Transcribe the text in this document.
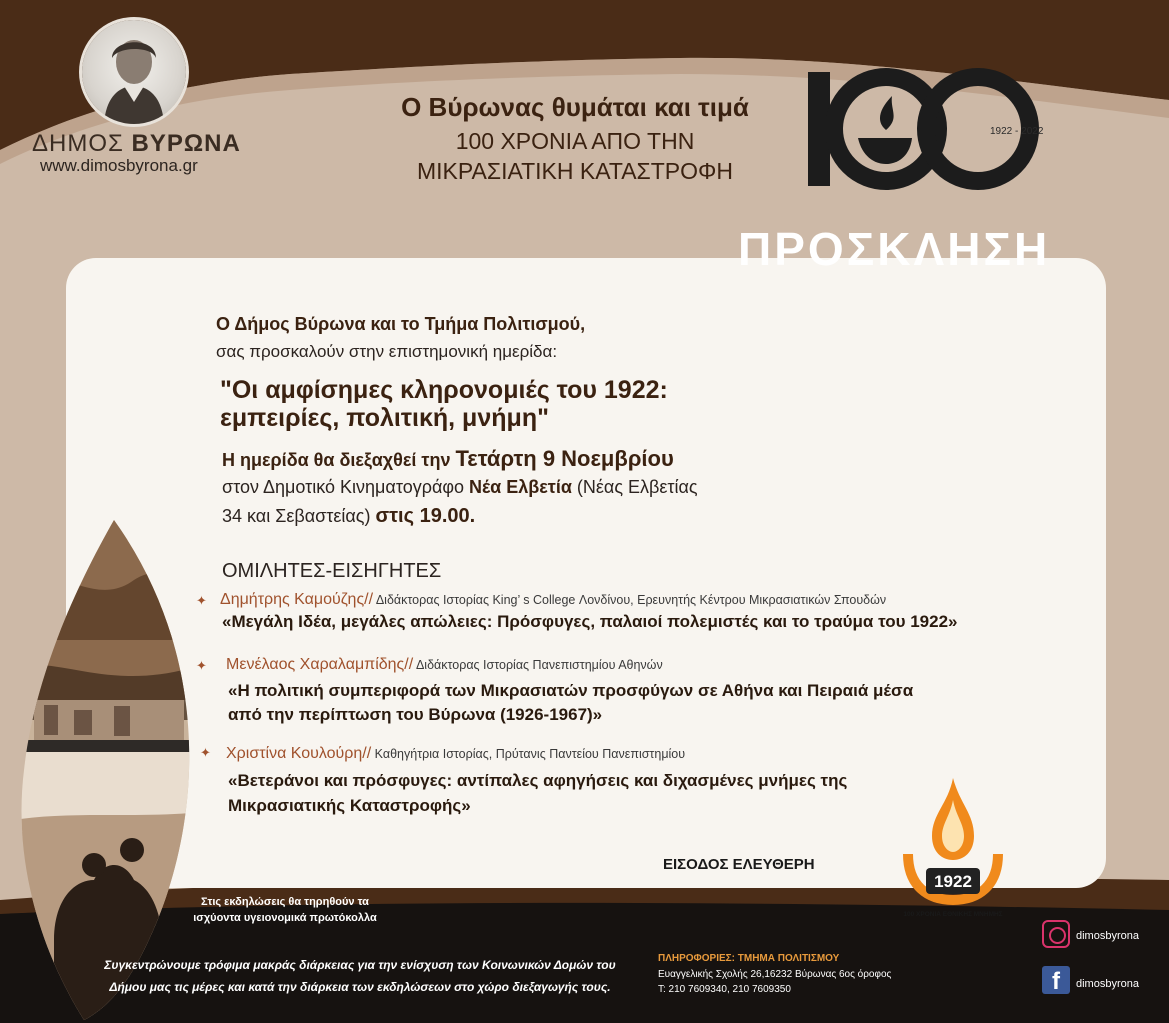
ΔΗΜΟΣ ΒΥΡΩΝΑ
www.dimosbyrona.gr
Ο Βύρωνας θυμάται και τιμά
100 ΧΡΟΝΙΑ ΑΠΟ ΤΗΝ
ΜΙΚΡΑΣΙΑΤΙΚΗ ΚΑΤΑΣΤΡΟΦΗ
1922 - 2022
ΠΡΟΣΚΛΗΣΗ
Ο Δήμος Βύρωνα και το Τμήμα Πολιτισμού,
σας προσκαλούν στην επιστημονική ημερίδα:
"Οι αμφίσημες κληρονομιές του 1922:
εμπειρίες, πολιτική, μνήμη"
Η ημερίδα θα διεξαχθεί την Τετάρτη 9 Νοεμβρίου
στον Δημοτικό Κινηματογράφο Νέα Ελβετία (Νέας Ελβετίας
34 και Σεβαστείας) στις 19.00.
ΟΜΙΛΗΤΕΣ-ΕΙΣΗΓΗΤΕΣ
✦ Δημήτρης Καμούζης// Διδάκτορας Ιστορίας King’ s College Λονδίνου, Ερευνητής Κέντρου Μικρασιατικών Σπουδών
«Μεγάλη Ιδέα, μεγάλες απώλειες: Πρόσφυγες, παλαιοί πολεμιστές και το τραύμα του 1922»
✦ Μενέλαος Χαραλαμπίδης// Διδάκτορας Ιστορίας Πανεπιστημίου Αθηνών
«Η πολιτική συμπεριφορά των Μικρασιατών προσφύγων σε Αθήνα και Πειραιά μέσα
από την περίπτωση του Βύρωνα (1926-1967)»
✦ Χριστίνα Κουλούρη// Καθηγήτρια Ιστορίας, Πρύτανις Παντείου Πανεπιστημίου
«Βετεράνοι και πρόσφυγες: αντίπαλες αφηγήσεις και διχασμένες μνήμες της
Μικρασιατικής Καταστροφής»
ΕΙΣΟΔΟΣ ΕΛΕΥΘΕΡΗ
1922
100 ΧΡΟΝΙΑ ΕΘΝΙΚΗΣ ΜΝΗΜΗΣ
Στις εκδηλώσεις θα τηρηθούν τα
ισχύοντα υγειονομικά πρωτόκολλα
Συγκεντρώνουμε τρόφιμα μακράς διάρκειας για την ενίσχυση των Κοινωνικών Δομών του
Δήμου μας τις μέρες και κατά την διάρκεια των εκδηλώσεων στο χώρο διεξαγωγής τους.
ΠΛΗΡΟΦΟΡΙΕΣ: ΤΜΗΜΑ ΠΟΛΙΤΙΣΜΟΥ
Ευαγγελικής Σχολής 26,16232 Βύρωνας 6ος όροφος
T: 210 7609340, 210 7609350
dimosbyrona
f	dimosbyrona
